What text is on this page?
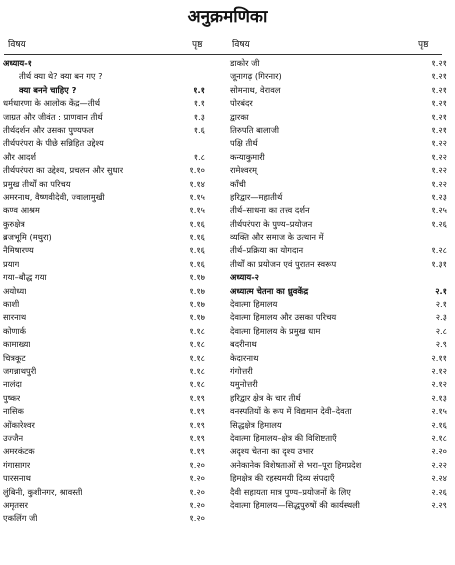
अनुक्रमणिका
विषय	पृष्ठ	विषय	पृष्ठ
अध्याय-१
तीर्थ क्या थे? क्या बन गए ?
क्या बनने चाहिए ?	१.१
धर्मधारणा के आलोक केंद्र—तीर्थ	१.१
जाग्रत और जीवंत : प्राणवान तीर्थ	१.३
तीर्थदर्शन और उसका पुण्यफल	१.६
तीर्थपरंपरा के पीछे सन्निहित उद्देश्य
और आदर्श	१.८
तीर्थपरंपरा का उद्देश्य, प्रचलन और सुधार	१.१०
प्रमुख तीर्थों का परिचय	१.१४
अमरनाथ, वैष्णवीदेवी, ज्वालामुखी	१.१५
कण्व आश्रम	१.१५
कुरुक्षेत्र	१.१६
ब्रजभूमि (मथुरा)	१.१६
नैमिषारण्य	१.१६
प्रयाग	१.१६
गया–बौद्ध गया	१.१७
अयोध्या	१.१७
काशी	१.१७
सारनाथ	१.१७
कोणार्क	१.१८
कामाख्या	१.१८
चित्रकूट	१.१८
जगन्नाथपुरी	१.१८
नालंदा	१.१८
पुष्कर	१.१९
नासिक	१.१९
ओंकारेश्वर	१.१९
उज्जैन	१.१९
अमरकंटक	१.१९
गंगासागर	१.२०
पारसनाथ	१.२०
लुंबिनी, कुशीनगर, श्रावस्ती	१.२०
अमृतसर	१.२०
एकलिंग जी	१.२०
डाकोर जी	१.२१
जूनागढ़ (गिरनार)	१.२१
सोमनाथ, वेरावल	१.२१
पोरबंदर	१.२१
द्वारका	१.२१
तिरुपति बालाजी	१.२१
पक्षि तीर्थ	१.२२
कन्याकुमारी	१.२२
रामेश्वरम्	१.२२
काँची	१.२२
हरिद्वार—महातीर्थ	१.२३
तीर्थ–साधना का तत्त्व दर्शन	१.२५
तीर्थपरंपरा के पुण्य–प्रयोजन	१.२६
व्यक्ति और समाज के उत्थान में
तीर्थ–प्रक्रिया का योगदान	१.२८
तीर्थों का प्रयोजन एवं पुरातन स्वरूप	१.३१
अध्याय-२
अध्यात्म चेतना का ध्रुवकेंद्र	२.१
देवात्मा हिमालय	२.१
देवात्मा हिमालय और उसका परिचय	२.३
देवात्मा हिमालय के प्रमुख धाम	२.८
बदरीनाथ	२.९
केदारनाथ	२.११
गंगोत्तरी	२.१२
यमुनोत्तरी	२.१२
हरिद्वार क्षेत्र के चार तीर्थ	२.१३
वनस्पतियों के रूप में विद्यमान देवी–देवता	२.१५
सिद्धक्षेत्र हिमालय	२.१६
देवात्मा हिमालय–क्षेत्र की विशिष्टताएँ	२.१८
अदृश्य चेतना का दृश्य उभार	२.२०
अनेकानेक विशेषताओं से भरा–पूरा हिमप्रदेश	२.२२
हिमक्षेत्र की रहस्यमयी दिव्य संपदाएँ	२.२४
दैवी सहायता मात्र पुण्य–प्रयोजनों के लिए	२.२६
देवात्मा हिमालय—सिद्धपुरुषों की कार्यस्थली	२.२९
